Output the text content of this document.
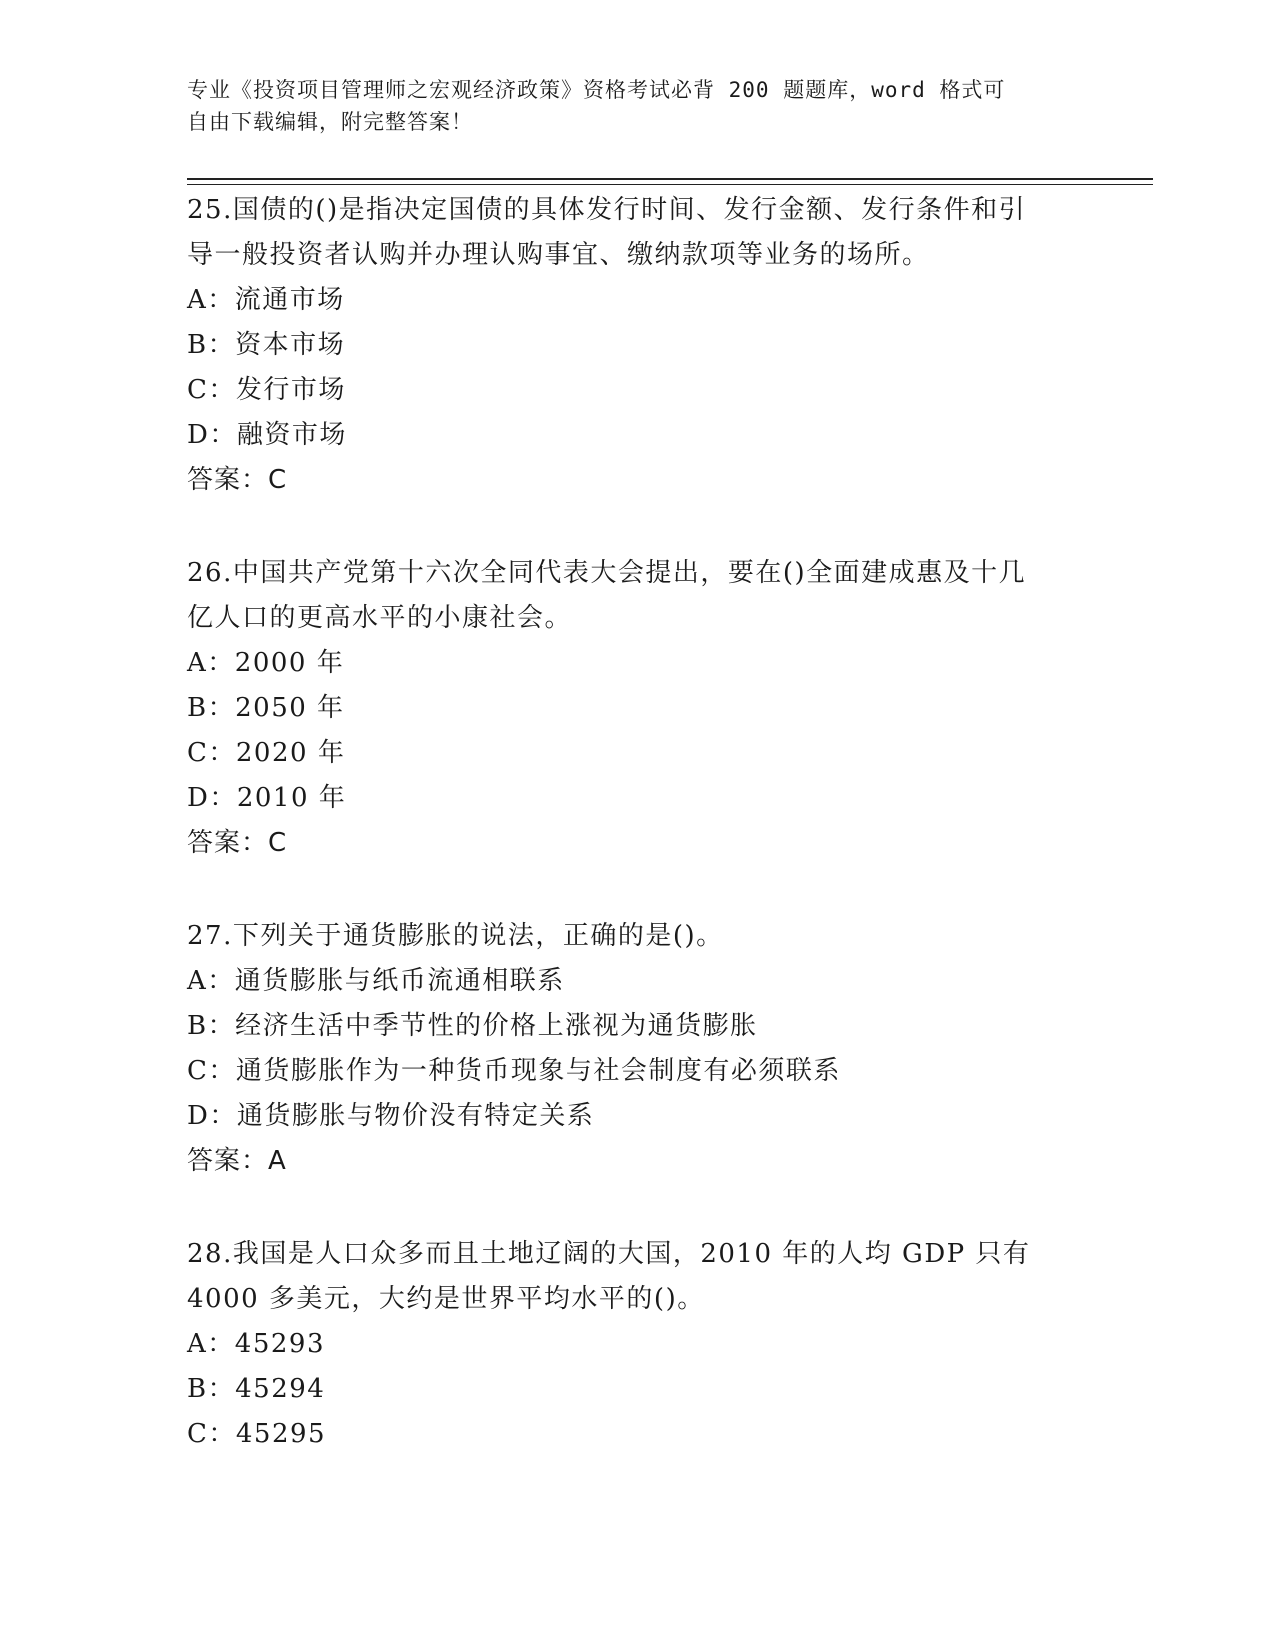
专业《投资项目管理师之宏观经济政策》资格考试必背 200 题题库，word 格式可
自由下载编辑，附完整答案！
25.国债的()是指决定国债的具体发行时间、发行金额、发行条件和引
导一般投资者认购并办理认购事宜、缴纳款项等业务的场所。
A：流通市场
B：资本市场
C：发行市场
D：融资市场
答案：C
26.中国共产党第十六次全同代表大会提出，要在()全面建成惠及十几
亿人口的更高水平的小康社会。
A：2000 年
B：2050 年
C：2020 年
D：2010 年
答案：C
27.下列关于通货膨胀的说法，正确的是()。
A：通货膨胀与纸币流通相联系
B：经济生活中季节性的价格上涨视为通货膨胀
C：通货膨胀作为一种货币现象与社会制度有必须联系
D：通货膨胀与物价没有特定关系
答案：A
28.我国是人口众多而且土地辽阔的大国，2010 年的人均 GDP 只有
4000 多美元，大约是世界平均水平的()。
A：45293
B：45294
C：45295
